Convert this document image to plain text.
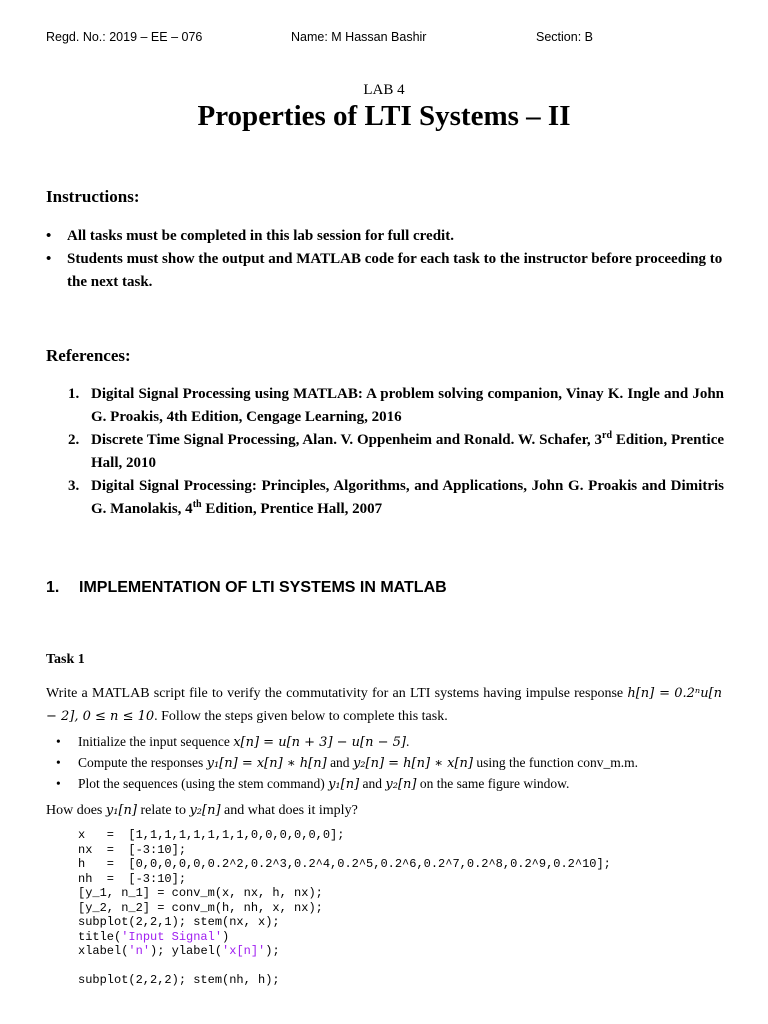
Regd. No.: 2019 – EE – 076	Name: M Hassan Bashir	Section: B
LAB 4
Properties of LTI Systems – II
Instructions:
• All tasks must be completed in this lab session for full credit.
• Students must show the output and MATLAB code for each task to the instructor before proceeding to the next task.
References:
1. Digital Signal Processing using MATLAB: A problem solving companion, Vinay K. Ingle and John G. Proakis, 4th Edition, Cengage Learning, 2016
2. Discrete Time Signal Processing, Alan. V. Oppenheim and Ronald. W. Schafer, 3rd Edition, Prentice Hall, 2010
3. Digital Signal Processing: Principles, Algorithms, and Applications, John G. Proakis and Dimitris G. Manolakis, 4th Edition, Prentice Hall, 2007
1. IMPLEMENTATION OF LTI SYSTEMS IN MATLAB
Task 1
Write a MATLAB script file to verify the commutativity for an LTI systems having impulse response h[n] = 0.2ⁿu[n − 2], 0 ≤ n ≤ 10. Follow the steps given below to complete this task.
• Initialize the input sequence x[n] = u[n + 3] − u[n − 5].
• Compute the responses y₁[n] = x[n] ∗ h[n] and y₂[n] = h[n] ∗ x[n] using the function conv_m.m.
• Plot the sequences (using the stem command) y₁[n] and y₂[n] on the same figure window.
How does y₁[n] relate to y₂[n] and what does it imply?
x   =  [1,1,1,1,1,1,1,1,0,0,0,0,0,0];
nx  =  [-3:10];
h   =  [0,0,0,0,0,0.2^2,0.2^3,0.2^4,0.2^5,0.2^6,0.2^7,0.2^8,0.2^9,0.2^10];
nh  =  [-3:10];
[y_1, n_1] = conv_m(x, nx, h, nx);
[y_2, n_2] = conv_m(h, nh, x, nx);
subplot(2,2,1); stem(nx, x);
title('Input Signal')
xlabel('n'); ylabel('x[n]');

subplot(2,2,2); stem(nh, h);
